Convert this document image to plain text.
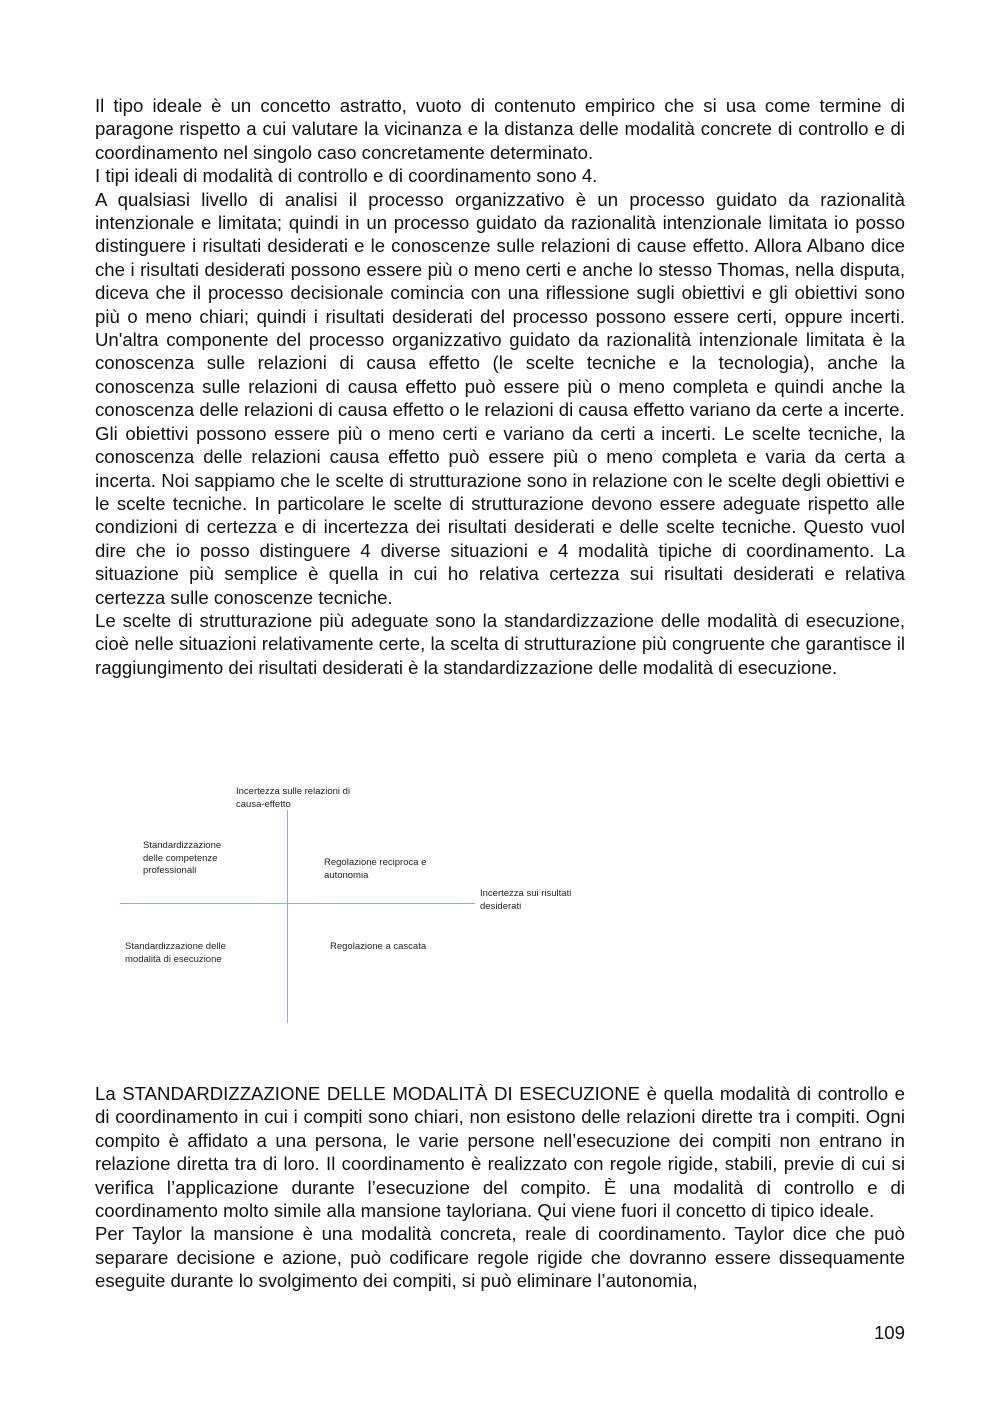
Il tipo ideale è un concetto astratto, vuoto di contenuto empirico che si usa come termine di paragone rispetto a cui valutare la vicinanza e la distanza delle modalità concrete di controllo e di coordinamento nel singolo caso concretamente determinato.

I tipi ideali di modalità di controllo e di coordinamento sono 4.

A qualsiasi livello di analisi il processo organizzativo è un processo guidato da razionalità intenzionale e limitata; quindi in un processo guidato da razionalità intenzionale limitata io posso distinguere i risultati desiderati e le conoscenze sulle relazioni di cause effetto. Allora Albano dice che i risultati desiderati possono essere più o meno certi e anche lo stesso Thomas, nella disputa, diceva che il processo decisionale comincia con una riflessione sugli obiettivi e gli obiettivi sono più o meno chiari; quindi i risultati desiderati del processo possono essere certi, oppure incerti. Un'altra componente del processo organizzativo guidato da razionalità intenzionale limitata è la conoscenza sulle relazioni di causa effetto (le scelte tecniche e la tecnologia), anche la conoscenza sulle relazioni di causa effetto può essere più o meno completa e quindi anche la conoscenza delle relazioni di causa effetto o le relazioni di causa effetto variano da certe a incerte.

Gli obiettivi possono essere più o meno certi e variano da certi a incerti. Le scelte tecniche, la conoscenza delle relazioni causa effetto può essere più o meno completa e varia da certa a incerta. Noi sappiamo che le scelte di strutturazione sono in relazione con le scelte degli obiettivi e le scelte tecniche. In particolare le scelte di strutturazione devono essere adeguate rispetto alle condizioni di certezza e di incertezza dei risultati desiderati e delle scelte tecniche. Questo vuol dire che io posso distinguere 4 diverse situazioni e 4 modalità tipiche di coordinamento. La situazione più semplice è quella in cui ho relativa certezza sui risultati desiderati e relativa certezza sulle conoscenze tecniche.

Le scelte di strutturazione più adeguate sono la standardizzazione delle modalità di esecuzione, cioè nelle situazioni relativamente certe, la scelta di strutturazione più congruente che garantisce il raggiungimento dei risultati desiderati è la standardizzazione delle modalità di esecuzione.

Incertezza sulle relazioni di causa-effetto
Incertezza sui risultati desiderati
Standardizzazione delle competenze professionali
Regolazione reciproca e autonomia
Standardizzazione delle modalità di esecuzione
Regolazione a cascata

La STANDARDIZZAZIONE DELLE MODALITÀ DI ESECUZIONE è quella modalità di controllo e di coordinamento in cui i compiti sono chiari, non esistono delle relazioni dirette tra i compiti. Ogni compito è affidato a una persona, le varie persone nell’esecuzione dei compiti non entrano in relazione diretta tra di loro. Il coordinamento è realizzato con regole rigide, stabili, previe di cui si verifica l’applicazione durante l’esecuzione del compito. È una modalità di controllo e di coordinamento molto simile alla mansione tayloriana. Qui viene fuori il concetto di tipico ideale.

Per Taylor la mansione è una modalità concreta, reale di coordinamento. Taylor dice che può separare decisione e azione, può codificare regole rigide che dovranno essere dissequamente eseguite durante lo svolgimento dei compiti, si può eliminare l’autonomia,

109
